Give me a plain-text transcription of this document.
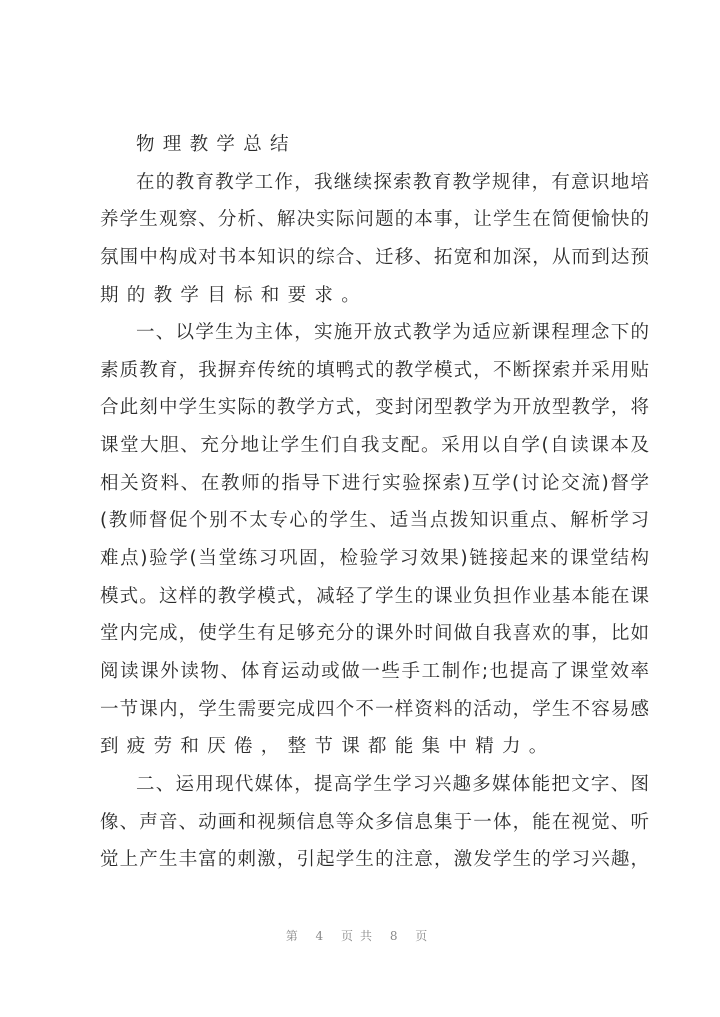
物理教学总结
在的教育教学工作，我继续探索教育教学规律，有意识地培
养学生观察、分析、解决实际问题的本事，让学生在简便愉快的
氛围中构成对书本知识的综合、迁移、拓宽和加深，从而到达预
期的教学目标和要求。
一、以学生为主体，实施开放式教学为适应新课程理念下的
素质教育，我摒弃传统的填鸭式的教学模式，不断探索并采用贴
合此刻中学生实际的教学方式，变封闭型教学为开放型教学，将
课堂大胆、充分地让学生们自我支配。采用以自学(自读课本及
相关资料、在教师的指导下进行实验探索)互学(讨论交流)督学
(教师督促个别不太专心的学生、适当点拨知识重点、解析学习
难点)验学(当堂练习巩固，检验学习效果)链接起来的课堂结构
模式。这样的教学模式，减轻了学生的课业负担作业基本能在课
堂内完成，使学生有足够充分的课外时间做自我喜欢的事，比如
阅读课外读物、体育运动或做一些手工制作;也提高了课堂效率
一节课内，学生需要完成四个不一样资料的活动，学生不容易感
到疲劳和厌倦，整节课都能集中精力。
二、运用现代媒体，提高学生学习兴趣多媒体能把文字、图
像、声音、动画和视频信息等众多信息集于一体，能在视觉、听
觉上产生丰富的刺激，引起学生的注意，激发学生的学习兴趣，
第 4 页共 8 页
